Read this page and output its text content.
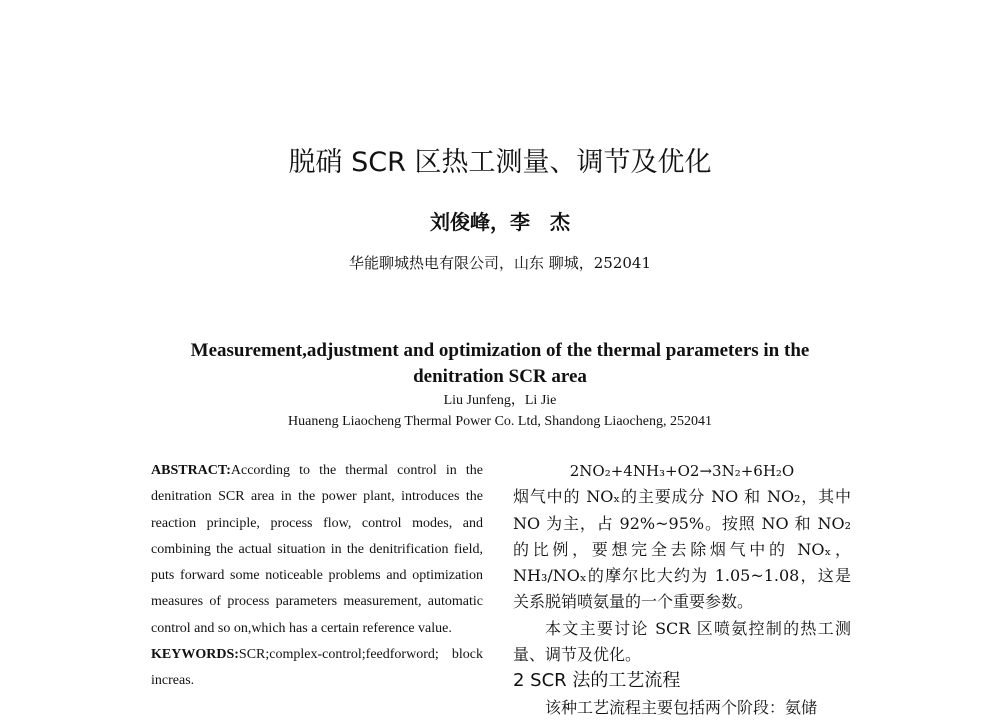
脱硝 SCR 区热工测量、调节及优化
刘俊峰，李　杰
华能聊城热电有限公司，山东 聊城，252041
Measurement,adjustment and optimization of the thermal parameters in the denitration SCR area
Liu Junfeng，Li Jie
Huaneng Liaocheng Thermal Power Co. Ltd, Shandong Liaocheng, 252041

ABSTRACT:According to the thermal control in the denitration SCR area in the power plant, introduces the reaction principle, process flow, control modes, and combining the actual situation in the denitrification field, puts forward some noticeable problems and optimization measures of process parameters measurement, automatic control and so on,which has a certain reference value.

KEYWORDS:SCR;complex-control;feedforword; block increas.

2NO₂+4NH₃+O2→3N₂+6H₂O

烟气中的 NOₓ的主要成分 NO 和 NO₂，其中 NO 为主，占 92%~95%。按照 NO 和 NO₂的比例，要想完全去除烟气中的 NOₓ，NH₃/NOₓ的摩尔比大约为 1.05~1.08，这是关系脱销喷氨量的一个重要参数。

本文主要讨论 SCR 区喷氨控制的热工测量、调节及优化。

2 SCR 法的工艺流程

该种工艺流程主要包括两个阶段：氨储
